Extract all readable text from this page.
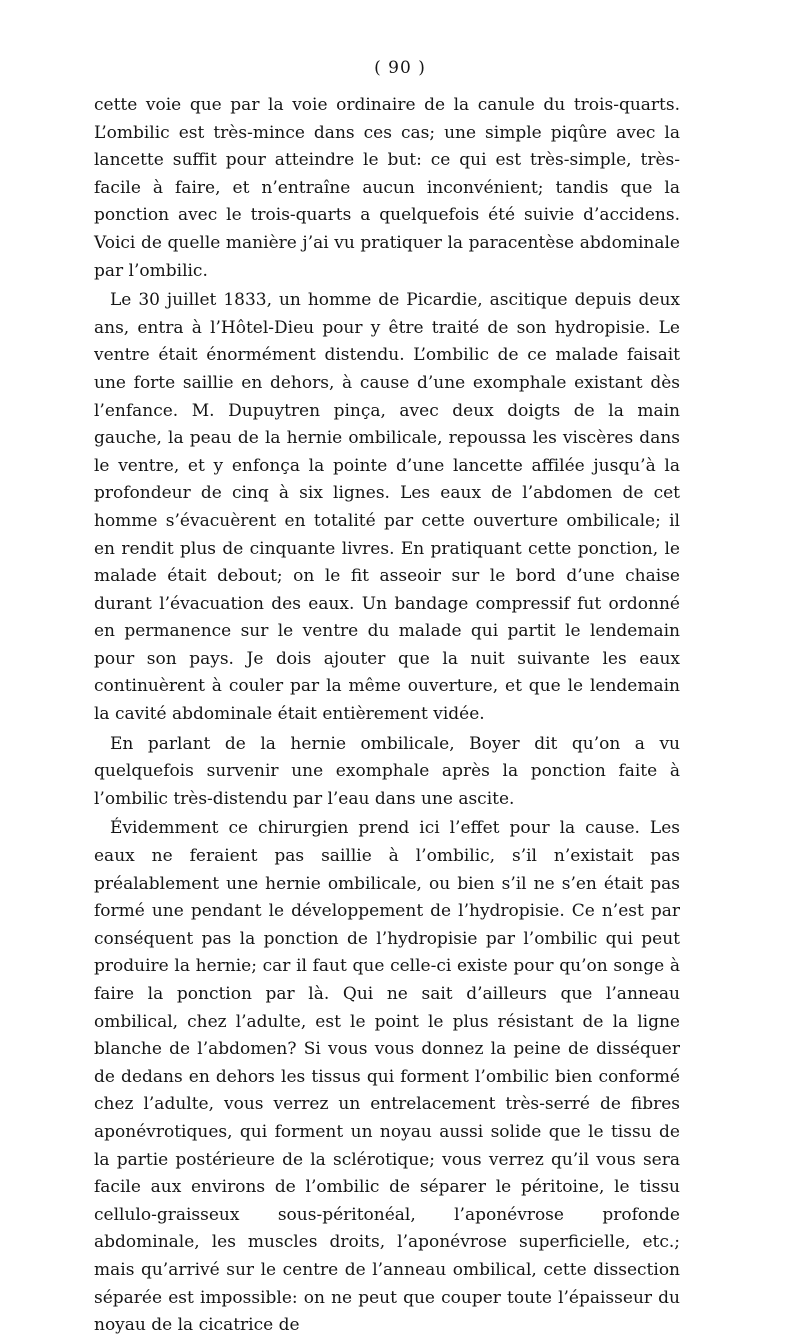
( 90 )

cette voie que par la voie ordinaire de la canule du trois-quarts. L’ombilic est très-mince dans ces cas; une simple piqûre avec la lancette suffit pour atteindre le but: ce qui est très-simple, très-facile à faire, et n’entraîne aucun inconvénient; tandis que la ponction avec le trois-quarts a quelquefois été suivie d’accidens. Voici de quelle manière j’ai vu pratiquer la paracentèse abdominale par l’ombilic.

Le 30 juillet 1833, un homme de Picardie, ascitique depuis deux ans, entra à l’Hôtel-Dieu pour y être traité de son hydropisie. Le ventre était énormément distendu. L’ombilic de ce malade faisait une forte saillie en dehors, à cause d’une exomphale existant dès l’enfance. M. Dupuytren pinça, avec deux doigts de la main gauche, la peau de la hernie ombilicale, repoussa les viscères dans le ventre, et y enfonça la pointe d’une lancette affilée jusqu’à la profondeur de cinq à six lignes. Les eaux de l’abdomen de cet homme s’évacuèrent en totalité par cette ouverture ombilicale; il en rendit plus de cinquante livres. En pratiquant cette ponction, le malade était debout; on le fit asseoir sur le bord d’une chaise durant l’évacuation des eaux. Un bandage compressif fut ordonné en permanence sur le ventre du malade qui partit le lendemain pour son pays. Je dois ajouter que la nuit suivante les eaux continuèrent à couler par la même ouverture, et que le lendemain la cavité abdominale était entièrement vidée.

En parlant de la hernie ombilicale, Boyer dit qu’on a vu quelquefois survenir une exomphale après la ponction faite à l’ombilic très-distendu par l’eau dans une ascite.

Évidemment ce chirurgien prend ici l’effet pour la cause. Les eaux ne feraient pas saillie à l’ombilic, s’il n’existait pas préalablement une hernie ombilicale, ou bien s’il ne s’en était pas formé une pendant le développement de l’hydropisie. Ce n’est par conséquent pas la ponction de l’hydropisie par l’ombilic qui peut produire la hernie; car il faut que celle-ci existe pour qu’on songe à faire la ponction par là. Qui ne sait d’ailleurs que l’anneau ombilical, chez l’adulte, est le point le plus résistant de la ligne blanche de l’abdomen? Si vous vous donnez la peine de disséquer de dedans en dehors les tissus qui forment l’ombilic bien conformé chez l’adulte, vous verrez un entrelacement très-serré de fibres aponévrotiques, qui forment un noyau aussi solide que le tissu de la partie postérieure de la sclérotique; vous verrez qu’il vous sera facile aux environs de l’ombilic de séparer le péritoine, le tissu cellulo-graisseux sous-péritonéal, l’aponévrose profonde abdominale, les muscles droits, l’aponévrose superficielle, etc.; mais qu’arrivé sur le centre de l’anneau ombilical, cette dissection séparée est impossible: on ne peut que couper toute l’épaisseur du noyau de la cicatrice de
